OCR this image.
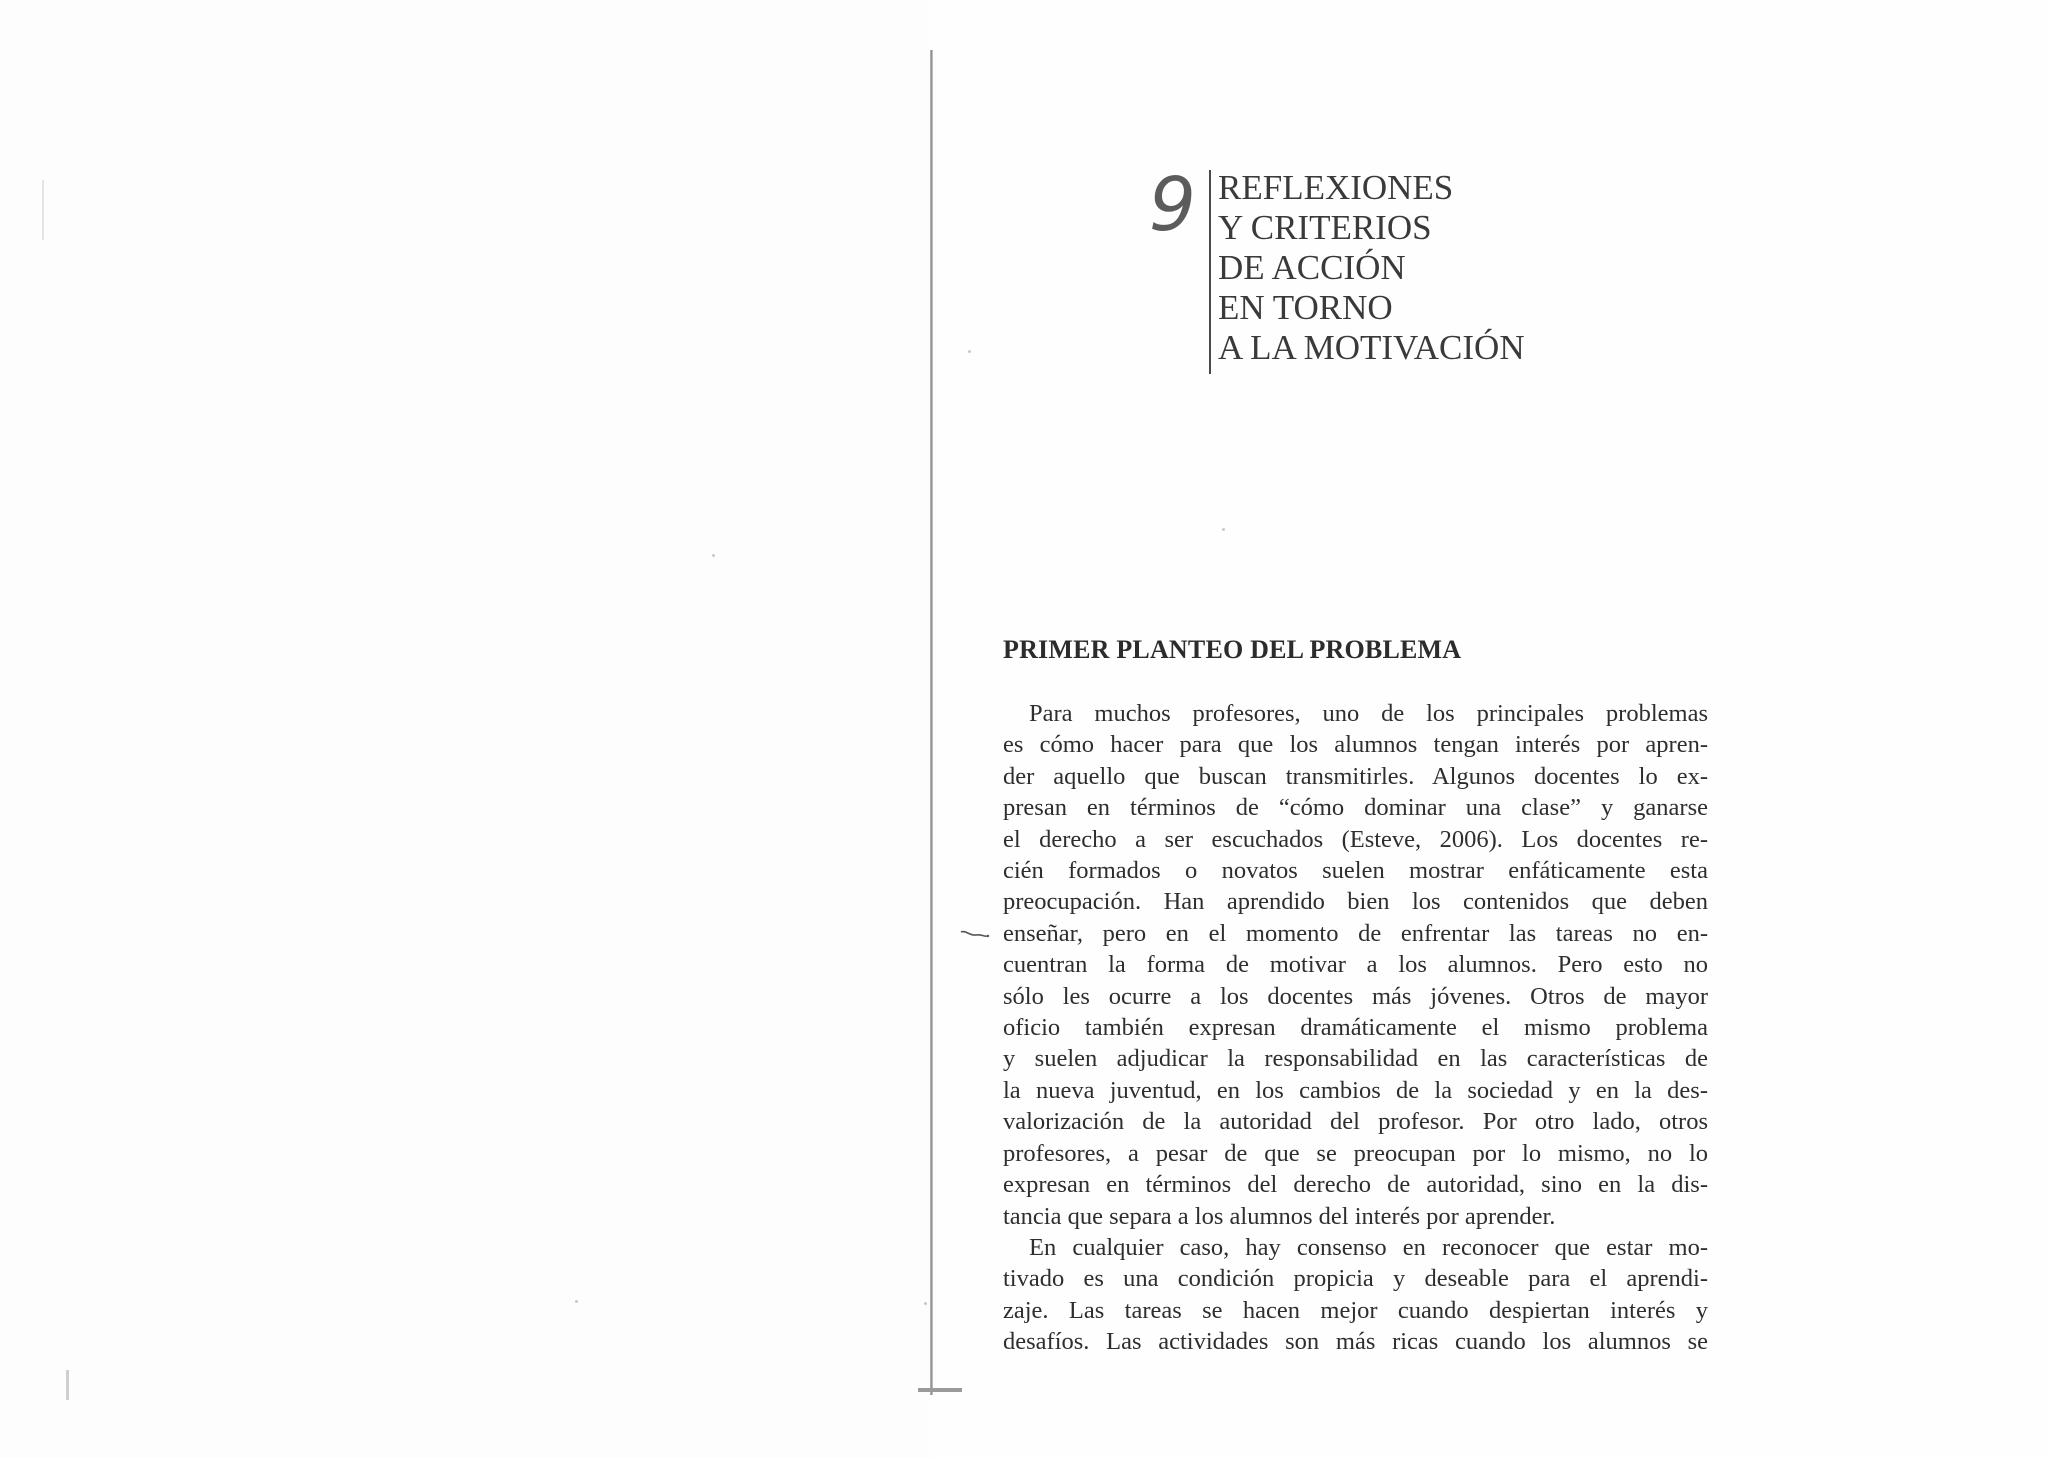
9 REFLEXIONES
Y CRITERIOS
DE ACCIÓN
EN TORNO
A LA MOTIVACIÓN
PRIMER PLANTEO DEL PROBLEMA
Para muchos profesores, uno de los principales problemas
es cómo hacer para que los alumnos tengan interés por apren-
der aquello que buscan transmitirles. Algunos docentes lo ex-
presan en términos de “cómo dominar una clase” y ganarse
el derecho a ser escuchados (Esteve, 2006). Los docentes re-
cién formados o novatos suelen mostrar enfáticamente esta
preocupación. Han aprendido bien los contenidos que deben
enseñar, pero en el momento de enfrentar las tareas no en-
cuentran la forma de motivar a los alumnos. Pero esto no
sólo les ocurre a los docentes más jóvenes. Otros de mayor
oficio también expresan dramáticamente el mismo problema
y suelen adjudicar la responsabilidad en las características de
la nueva juventud, en los cambios de la sociedad y en la des-
valorización de la autoridad del profesor. Por otro lado, otros
profesores, a pesar de que se preocupan por lo mismo, no lo
expresan en términos del derecho de autoridad, sino en la dis-
tancia que separa a los alumnos del interés por aprender.
En cualquier caso, hay consenso en reconocer que estar mo-
tivado es una condición propicia y deseable para el aprendi-
zaje. Las tareas se hacen mejor cuando despiertan interés y
desafíos. Las actividades son más ricas cuando los alumnos se
